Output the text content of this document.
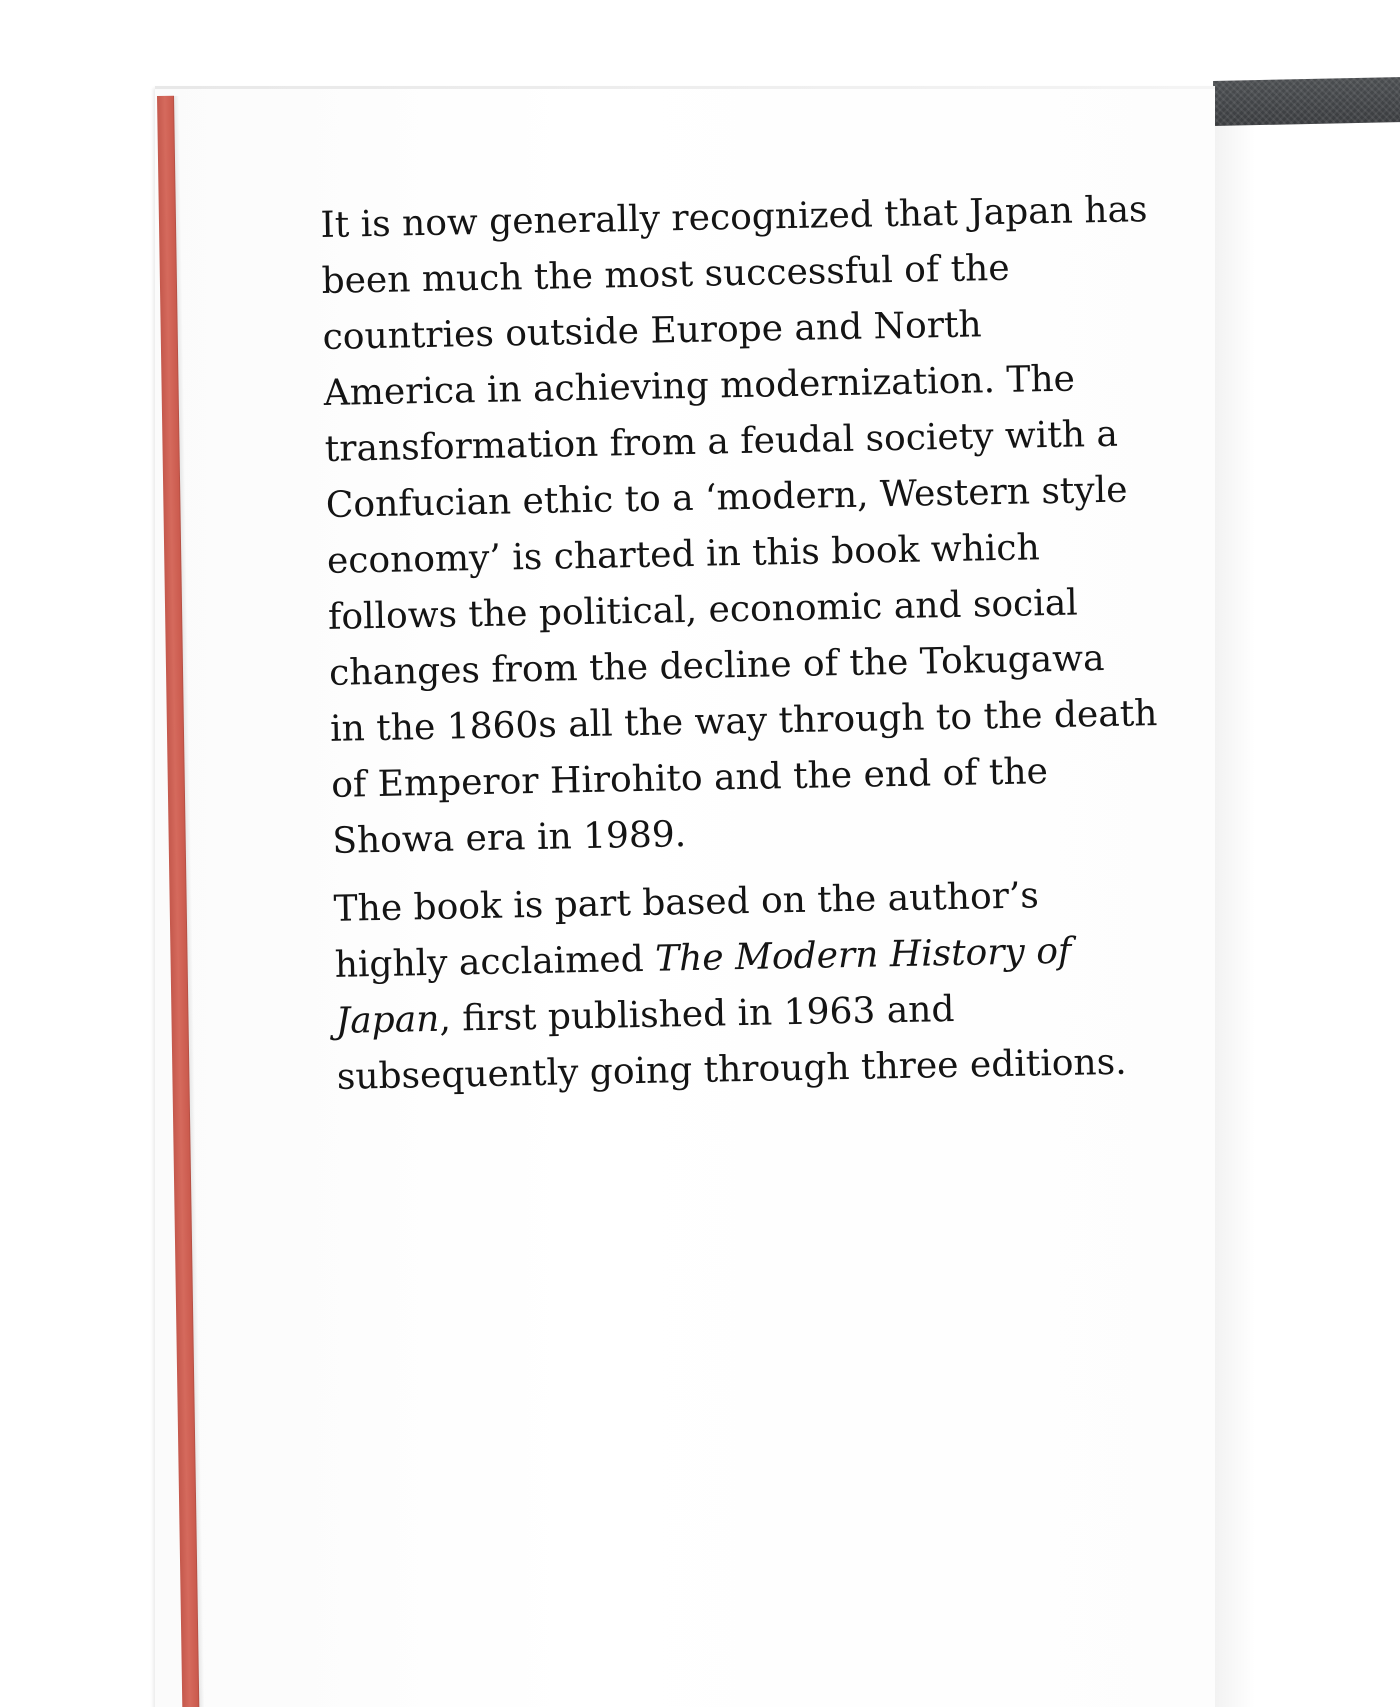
It is now generally recognized that Japan has
been much the most successful of the
countries outside Europe and North
America in achieving modernization. The
transformation from a feudal society with a
Confucian ethic to a ‘modern, Western style
economy’ is charted in this book which
follows the political, economic and social
changes from the decline of the Tokugawa
in the 1860s all the way through to the death
of Emperor Hirohito and the end of the
Showa era in 1989.

The book is part based on the author’s
highly acclaimed The Modern History of
Japan, first published in 1963 and
subsequently going through three editions.
